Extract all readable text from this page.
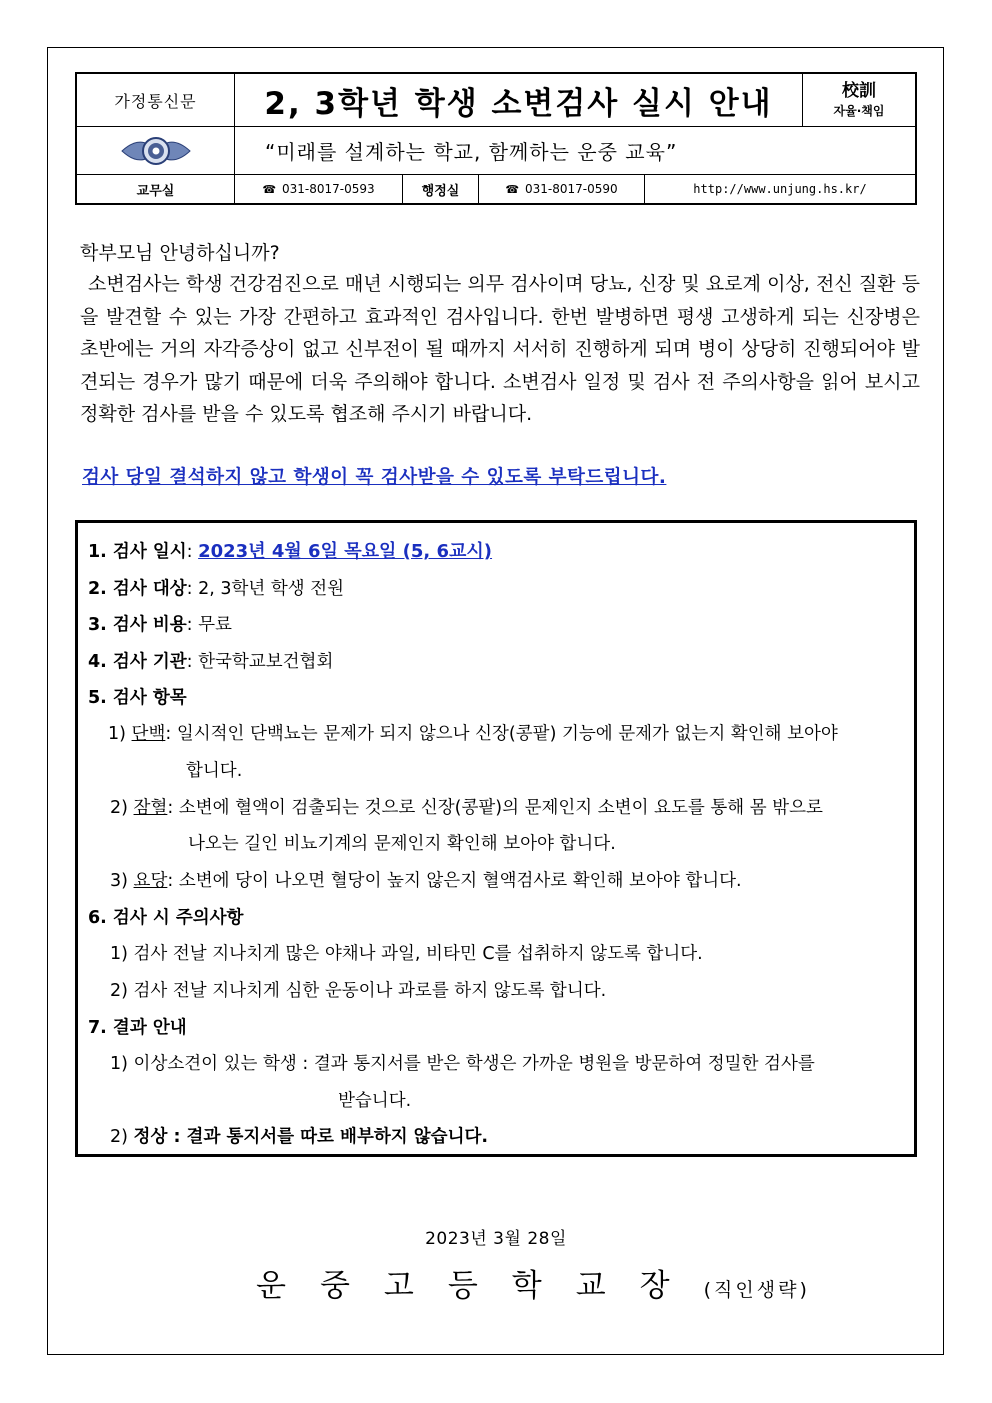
가정통신문	2, 3학년 학생 소변검사 실시 안내	校訓
자율·책임
“미래를 설계하는 학교, 함께하는 운중 교육”
교무실	☎ 031-8017-0593	행정실	☎ 031-8017-0590	http://www.unjung.hs.kr/
학부모님 안녕하십니까?

소변검사는 학생 건강검진으로 매년 시행되는 의무 검사이며 당뇨, 신장 및 요로계 이상, 전신 질환 등을 발견할 수 있는 가장 간편하고 효과적인 검사입니다. 한번 발병하면 평생 고생하게 되는 신장병은 초반에는 거의 자각증상이 없고 신부전이 될 때까지 서서히 진행하게 되며 병이 상당히 진행되어야 발견되는 경우가 많기 때문에 더욱 주의해야 합니다. 소변검사 일정 및 검사 전 주의사항을 읽어 보시고 정확한 검사를 받을 수 있도록 협조해 주시기 바랍니다.

검사 당일 결석하지 않고 학생이 꼭 검사받을 수 있도록 부탁드립니다.
1. 검사 일시: 2023년 4월 6일 목요일 (5, 6교시)
2. 검사 대상: 2, 3학년 학생 전원
3. 검사 비용: 무료
4. 검사 기관: 한국학교보건협회
5. 검사 항목
1) 단백: 일시적인 단백뇨는 문제가 되지 않으나 신장(콩팥) 기능에 문제가 없는지 확인해 보아야
합니다.
2) 잠혈: 소변에 혈액이 검출되는 것으로 신장(콩팥)의 문제인지 소변이 요도를 통해 몸 밖으로
나오는 길인 비뇨기계의 문제인지 확인해 보아야 합니다.
3) 요당: 소변에 당이 나오면 혈당이 높지 않은지 혈액검사로 확인해 보아야 합니다.
6. 검사 시 주의사항
1) 검사 전날 지나치게 많은 야채나 과일, 비타민 C를 섭취하지 않도록 합니다.
2) 검사 전날 지나치게 심한 운동이나 과로를 하지 않도록 합니다.
7. 결과 안내
1) 이상소견이 있는 학생 : 결과 통지서를 받은 학생은 가까운 병원을 방문하여 정밀한 검사를
받습니다.
2) 정상 : 결과 통지서를 따로 배부하지 않습니다.
2023년 3월 28일
운중고등학교장(직인생략)
